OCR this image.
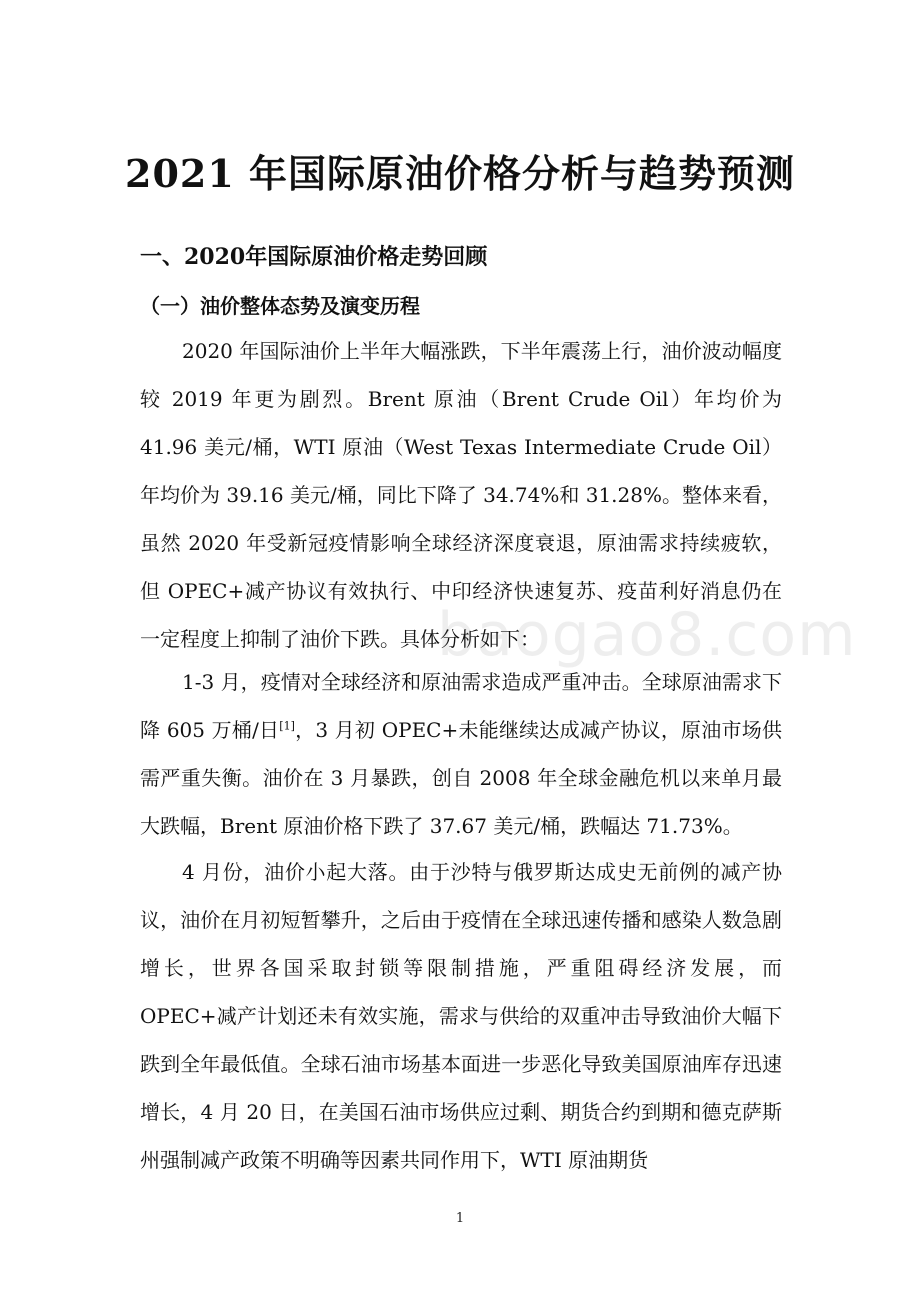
2021 年国际原油价格分析与趋势预测
一、2020年国际原油价格走势回顾
（一）油价整体态势及演变历程

2020 年国际油价上半年大幅涨跌，下半年震荡上行，油价波动幅度较 2019 年更为剧烈。Brent 原油（Brent Crude Oil）年均价为 41.96 美元/桶，WTI 原油（West Texas Intermediate Crude Oil）年均价为 39.16 美元/桶，同比下降了 34.74%和 31.28%。整体来看，虽然 2020 年受新冠疫情影响全球经济深度衰退，原油需求持续疲软，但 OPEC+减产协议有效执行、中印经济快速复苏、疫苗利好消息仍在一定程度上抑制了油价下跌。具体分析如下：

baogao8.com

1-3 月，疫情对全球经济和原油需求造成严重冲击。全球原油需求下降 605 万桶/日[1]，3 月初 OPEC+未能继续达成减产协议，原油市场供需严重失衡。油价在 3 月暴跌，创自 2008 年全球金融危机以来单月最大跌幅，Brent 原油价格下跌了 37.67 美元/桶，跌幅达 71.73%。

4 月份，油价小起大落。由于沙特与俄罗斯达成史无前例的减产协议，油价在月初短暂攀升，之后由于疫情在全球迅速传播和感染人数急剧增长，世界各国采取封锁等限制措施，严重阻碍经济发展，而 OPEC+减产计划还未有效实施，需求与供给的双重冲击导致油价大幅下跌到全年最低值。全球石油市场基本面进一步恶化导致美国原油库存迅速增长，4 月 20 日，在美国石油市场供应过剩、期货合约到期和德克萨斯州强制减产政策不明确等因素共同作用下，WTI 原油期货

1
